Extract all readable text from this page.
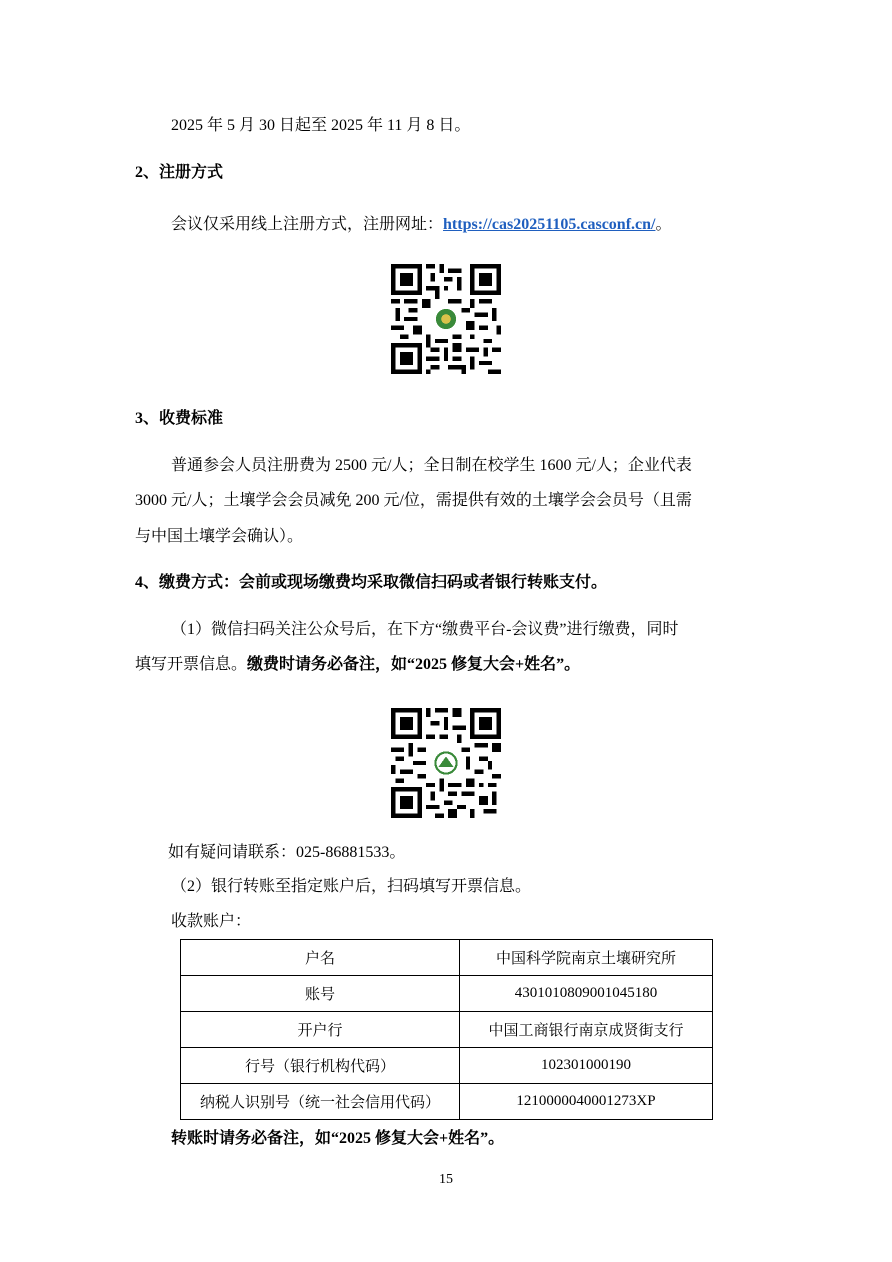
2025 年 5 月 30 日起至 2025 年 11 月 8 日。
2、注册方式
会议仅采用线上注册方式，注册网址：https://cas20251105.casconf.cn/。
3、收费标准
普通参会人员注册费为 2500 元/人；全日制在校学生 1600 元/人；企业代表
3000 元/人；土壤学会会员减免 200 元/位，需提供有效的土壤学会会员号（且需
与中国土壤学会确认）。
4、缴费方式：会前或现场缴费均采取微信扫码或者银行转账支付。
（1）微信扫码关注公众号后，在下方“缴费平台-会议费”进行缴费，同时
填写开票信息。缴费时请务必备注，如“2025 修复大会+姓名”。
如有疑问请联系：025-86881533。
（2）银行转账至指定账户后，扫码填写开票信息。
收款账户：
户名	中国科学院南京土壤研究所
账号	4301010809001045180
开户行	中国工商银行南京成贤街支行
行号（银行机构代码）	102301000190
纳税人识别号（统一社会信用代码）	1210000040001273XP
转账时请务必备注，如“2025 修复大会+姓名”。
15
